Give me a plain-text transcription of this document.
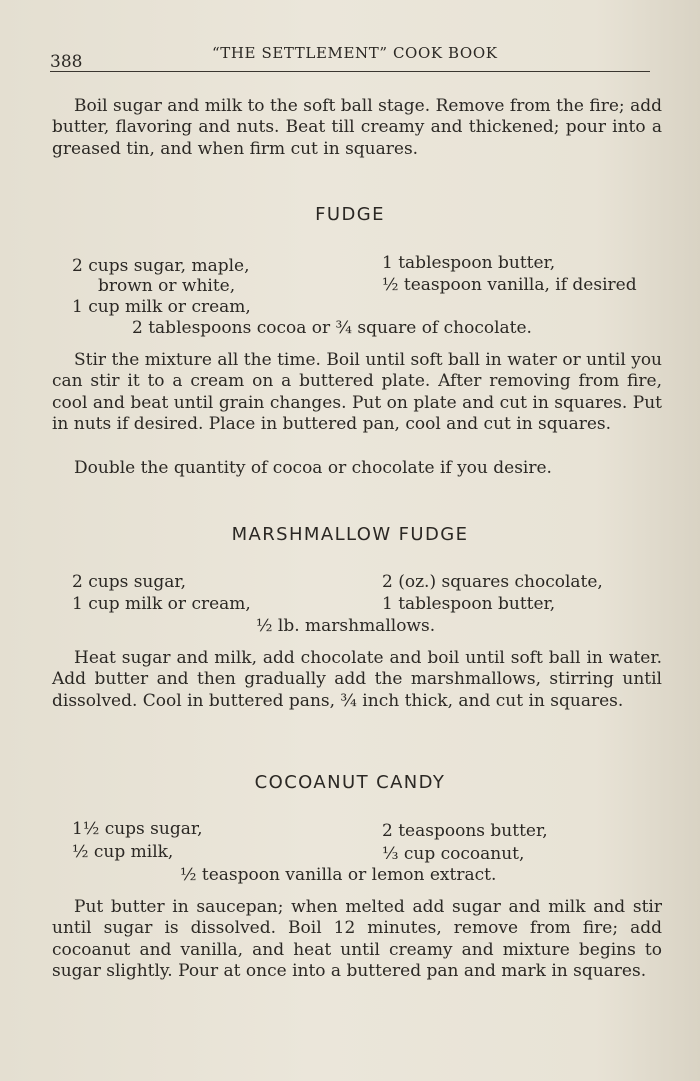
388	“THE SETTLEMENT” COOK BOOK

Boil sugar and milk to the soft ball stage. Remove from the fire; add butter, flavoring and nuts. Beat till creamy and thickened; pour into a greased tin, and when firm cut in squares.

FUDGE
2 cups sugar, maple,
brown or white,
1 cup milk or cream,
1 tablespoon butter,
½ teaspoon vanilla, if desired
2 tablespoons cocoa or ¾ square of chocolate.

Stir the mixture all the time. Boil until soft ball in water or until you can stir it to a cream on a buttered plate. After removing from fire, cool and beat until grain changes. Put on plate and cut in squares. Put in nuts if desired. Place in buttered pan, cool and cut in squares.

Double the quantity of cocoa or chocolate if you desire.

MARSHMALLOW FUDGE
2 cups sugar,
1 cup milk or cream,
2 (oz.) squares chocolate,
1 tablespoon butter,
½ lb. marshmallows.

Heat sugar and milk, add chocolate and boil until soft ball in water. Add butter and then gradually add the marshmallows, stirring until dissolved. Cool in buttered pans, ¾ inch thick, and cut in squares.

COCOANUT CANDY
1½ cups sugar,
½ cup milk,
2 teaspoons butter,
⅓ cup cocoanut,
½ teaspoon vanilla or lemon extract.

Put butter in saucepan; when melted add sugar and milk and stir until sugar is dissolved. Boil 12 minutes, remove from fire; add cocoanut and vanilla, and heat until creamy and mixture begins to sugar slightly. Pour at once into a buttered pan and mark in squares.
